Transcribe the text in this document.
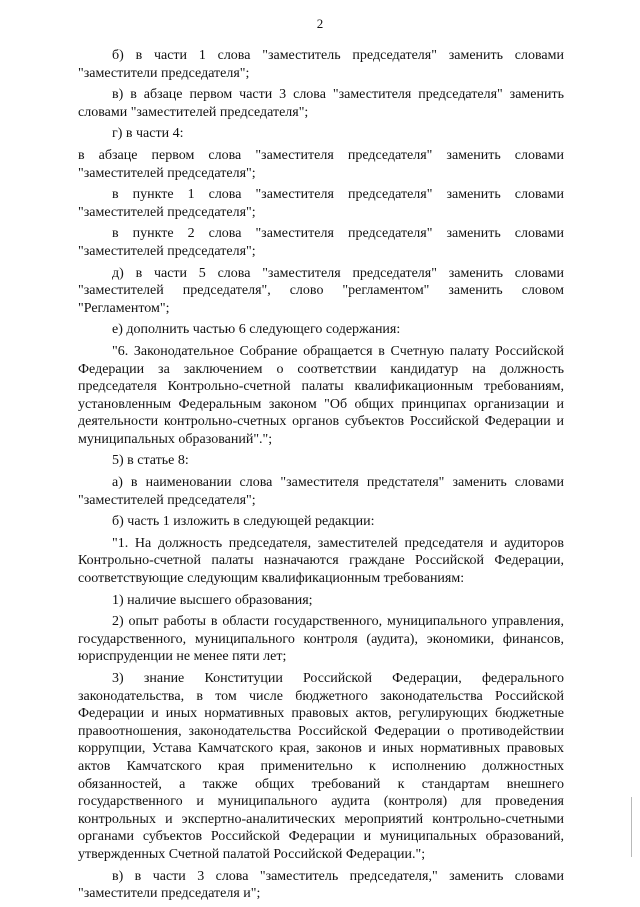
2

б) в части 1 слова "заместитель председателя" заменить словами "заместители председателя";

в) в абзаце первом части 3 слова "заместителя председателя" заменить словами "заместителей председателя";

г) в части 4:

в абзаце первом слова "заместителя председателя" заменить словами "заместителей председателя";

в пункте 1 слова "заместителя председателя" заменить словами "заместителей председателя";

в пункте 2 слова "заместителя председателя" заменить словами "заместителей председателя";

д) в части 5 слова "заместителя председателя" заменить словами "заместителей председателя", слово "регламентом" заменить словом "Регламентом";

е) дополнить частью 6 следующего содержания:

"6. Законодательное Собрание обращается в Счетную палату Российской Федерации за заключением о соответствии кандидатур на должность председателя Контрольно-счетной палаты квалификационным требованиям, установленным Федеральным законом "Об общих принципах организации и деятельности контрольно-счетных органов субъектов Российской Федерации и муниципальных образований".";

5) в статье 8:

а) в наименовании слова "заместителя предстателя" заменить словами "заместителей председателя";

б) часть 1 изложить в следующей редакции:

"1. На должность председателя, заместителей председателя и аудиторов Контрольно-счетной палаты назначаются граждане Российской Федерации, соответствующие следующим квалификационным требованиям:

1) наличие высшего образования;

2) опыт работы в области государственного, муниципального управления, государственного, муниципального контроля (аудита), экономики, финансов, юриспруденции не менее пяти лет;

3) знание Конституции Российской Федерации, федерального законодательства, в том числе бюджетного законодательства Российской Федерации и иных нормативных правовых актов, регулирующих бюджетные правоотношения, законодательства Российской Федерации о противодействии коррупции, Устава Камчатского края, законов и иных нормативных правовых актов Камчатского края применительно к исполнению должностных обязанностей, а также общих требований к стандартам внешнего государственного и муниципального аудита (контроля) для проведения контрольных и экспертно-аналитических мероприятий контрольно-счетными органами субъектов Российской Федерации и муниципальных образований, утвержденных Счетной палатой Российской Федерации.";

в) в части 3 слова "заместитель председателя," заменить словами "заместители председателя и";
